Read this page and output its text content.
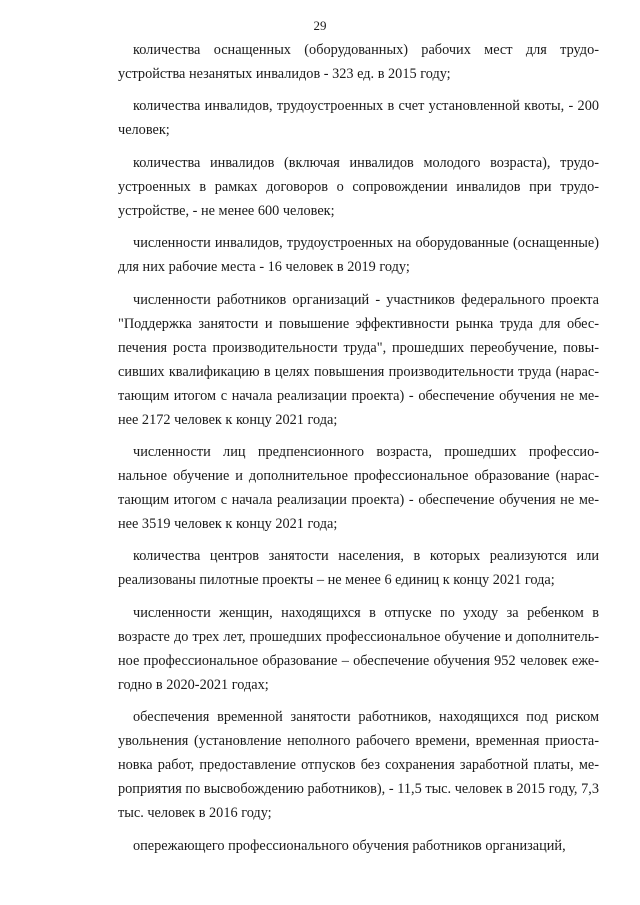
29

количества оснащенных (оборудованных) рабочих мест для трудоустройства незанятых инвалидов - 323 ед. в 2015 году;

количества инвалидов, трудоустроенных в счет установленной квоты, - 200 человек;

количества инвалидов (включая инвалидов молодого возраста), трудоустроенных в рамках договоров о сопровождении инвалидов при трудоустройстве, - не менее 600 человек;

численности инвалидов, трудоустроенных на оборудованные (оснащенные) для них рабочие места - 16 человек в 2019 году;

численности работников организаций - участников федерального проекта "Поддержка занятости и повышение эффективности рынка труда для обеспечения роста производительности труда", прошедших переобучение, повысивших квалификацию в целях повышения производительности труда (нарастающим итогом с начала реализации проекта) - обеспечение обучения не менее 2172 человек к концу 2021 года;

численности лиц предпенсионного возраста, прошедших профессиональное обучение и дополнительное профессиональное образование (нарастающим итогом с начала реализации проекта) - обеспечение обучения не менее 3519 человек к концу 2021 года;

количества центров занятости населения, в которых реализуются или реализованы пилотные проекты – не менее 6 единиц к концу 2021 года;

численности женщин, находящихся в отпуске по уходу за ребенком в возрасте до трех лет, прошедших профессиональное обучение и дополнительное профессиональное образование – обеспечение обучения 952 человек ежегодно в 2020-2021 годах;

обеспечения временной занятости работников, находящихся под риском увольнения (установление неполного рабочего времени, временная приостановка работ, предоставление отпусков без сохранения заработной платы, мероприятия по высвобождению работников), - 11,5 тыс. человек в 2015 году, 7,3 тыс. человек в 2016 году;

опережающего профессионального обучения работников организаций,
